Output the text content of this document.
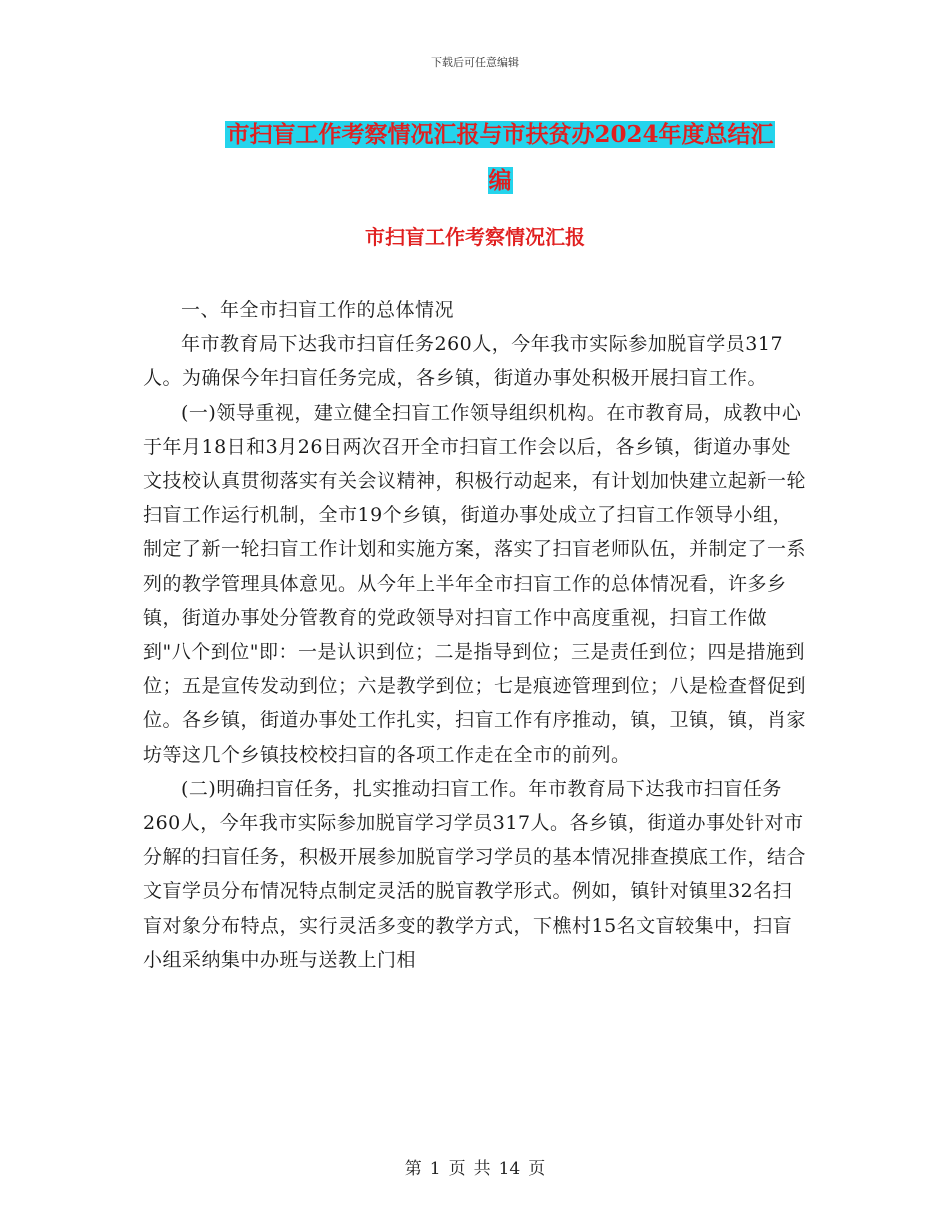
下载后可任意编辑
市扫盲工作考察情况汇报与市扶贫办2024年度总结汇
编
市扫盲工作考察情况汇报

一、年全市扫盲工作的总体情况

年市教育局下达我市扫盲任务260人，今年我市实际参加脱盲学员317人。为确保今年扫盲任务完成，各乡镇，街道办事处积极开展扫盲工作。

(一)领导重视，建立健全扫盲工作领导组织机构。在市教育局，成教中心于年月18日和3月26日两次召开全市扫盲工作会以后，各乡镇，街道办事处文技校认真贯彻落实有关会议精神，积极行动起来，有计划加快建立起新一轮扫盲工作运行机制，全市19个乡镇，街道办事处成立了扫盲工作领导小组，制定了新一轮扫盲工作计划和实施方案，落实了扫盲老师队伍，并制定了一系列的教学管理具体意见。从今年上半年全市扫盲工作的总体情况看，许多乡镇，街道办事处分管教育的党政领导对扫盲工作中高度重视，扫盲工作做到"八个到位"即：一是认识到位；二是指导到位；三是责任到位；四是措施到位；五是宣传发动到位；六是教学到位；七是痕迹管理到位；八是检查督促到位。各乡镇，街道办事处工作扎实，扫盲工作有序推动，镇，卫镇，镇，肖家坊等这几个乡镇技校校扫盲的各项工作走在全市的前列。

(二)明确扫盲任务，扎实推动扫盲工作。年市教育局下达我市扫盲任务260人，今年我市实际参加脱盲学习学员317人。各乡镇，街道办事处针对市分解的扫盲任务，积极开展参加脱盲学习学员的基本情况排查摸底工作，结合文盲学员分布情况特点制定灵活的脱盲教学形式。例如，镇针对镇里32名扫盲对象分布特点，实行灵活多变的教学方式，下樵村15名文盲较集中，扫盲小组采纳集中办班与送教上门相

第 1 页 共 14 页
